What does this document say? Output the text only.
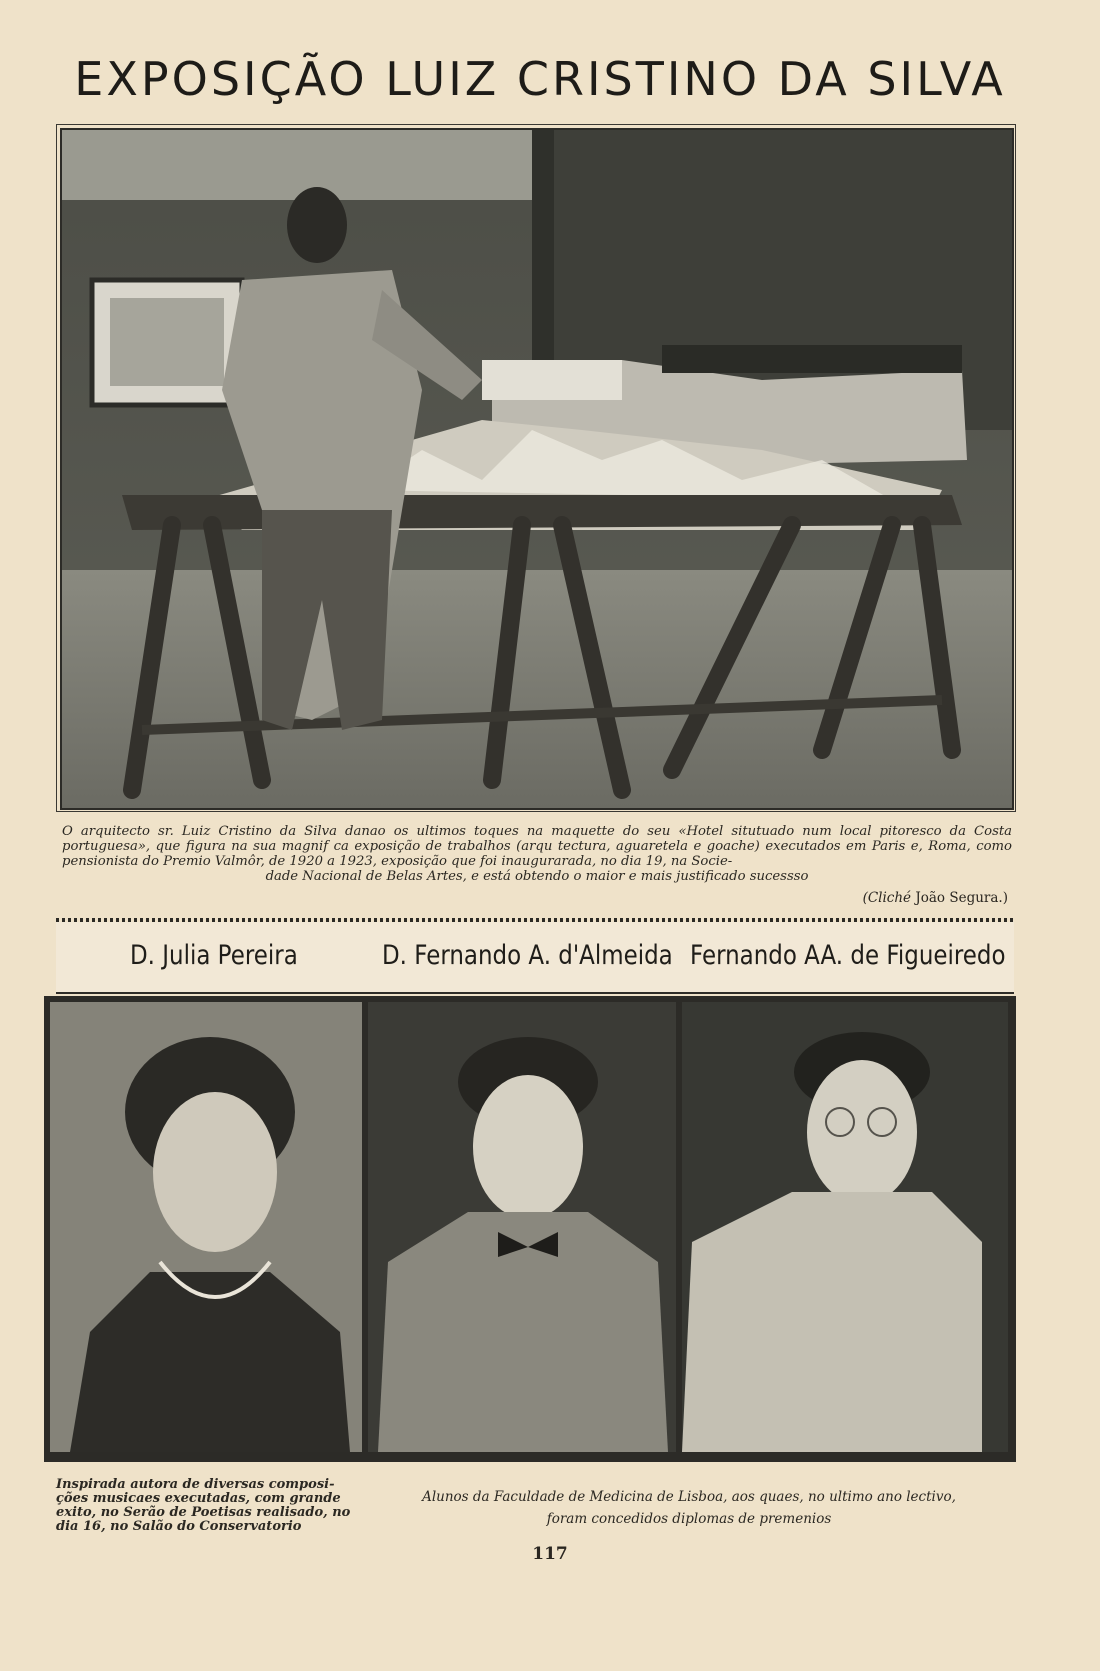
EXPOSIÇÃO LUIZ CRISTINO DA SILVA
O arquitecto sr. Luiz Cristino da Silva danao os ultimos toques na maquette do seu «Hotel situtuado num local pitoresco da Costa portuguesa», que figura na sua magnif ca exposição de trabalhos (arqu tectura, aguaretela e goache) executados em Paris e, Roma, como pensionista do Premio Valmôr, de 1920 a 1923, exposição que foi inaugurarada, no dia 19, na Socie-
dade Nacional de Belas Artes, e está obtendo o maior e mais justificado sucessso
(Cliché João Segura.)
D. Julia Pereira	D. Fernando A. d'Almeida Fernando AA. de Figueiredo
Inspirada autora de diversas composi-ções musicaes executadas, com grande exito, no Serão de Poetisas realisado, no dia 16, no Salão do Conservatorio
Alunos da Faculdade de Medicina de Lisboa, aos quaes, no ultimo ano lectivo,
foram concedidos diplomas de premenios
117
